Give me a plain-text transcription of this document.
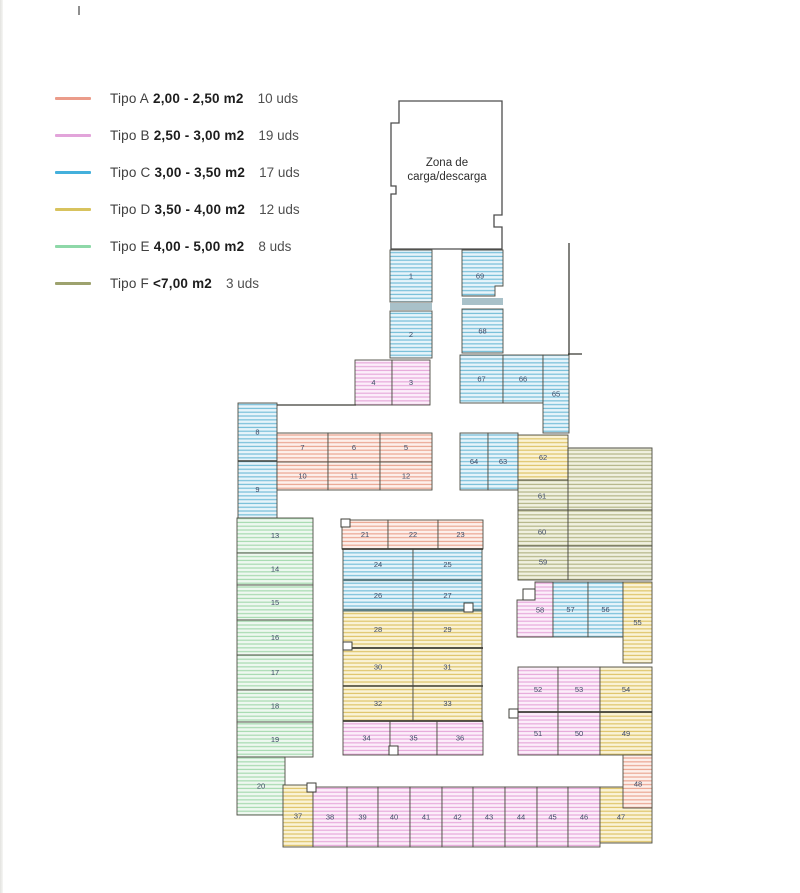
Tipo A 2,00 - 2,50 m2 10 uds
Tipo B 2,50 - 3,00 m2 19 uds
Tipo C 3,00 - 3,50 m2 17 uds
Tipo D 3,50 - 4,00 m2 12 uds
Tipo E 4,00 - 5,00 m2 8 uds
Tipo F <7,00 m2 3 uds
Zona de
carga/descarga
1	69
2	68
4	3	67	66
65
8
9
7	6	5
10	11	12
64	63	62
61
60
59
13
14
15
16
17
18
19
20
21	22	23
24	25
26	27
28	29
30	31
32	33
34	35	36
58	57	56
55
52	53	54
51	50	49
37	38	39	40	41	42	43	44	45	46	47
48
